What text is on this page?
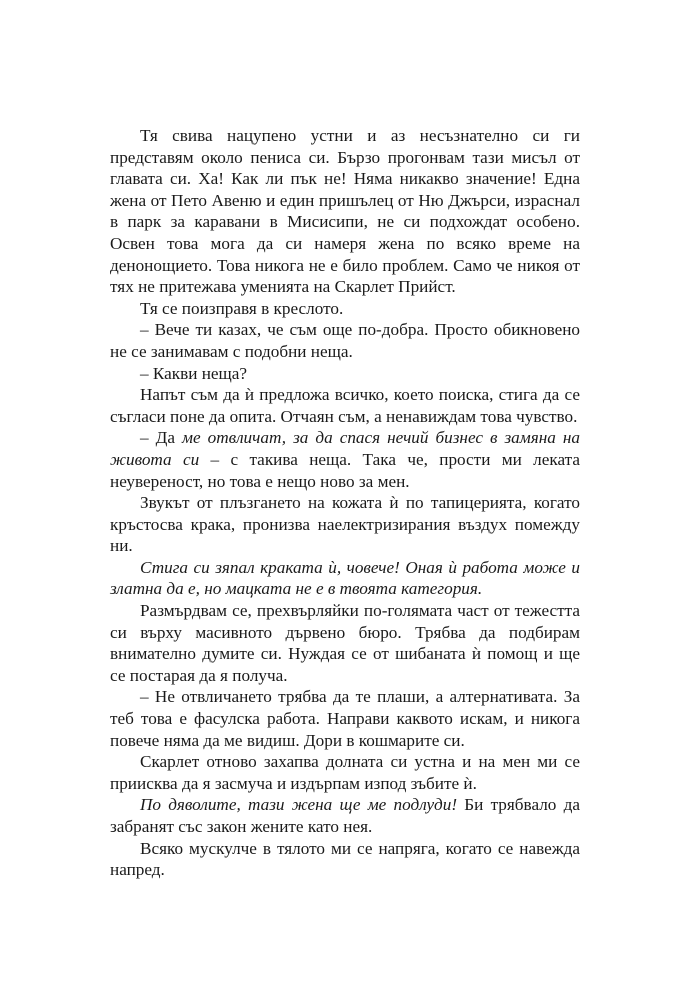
Тя свива нацупено устни и аз несъзнателно си ги представям около пениса си. Бързо прогонвам тази мисъл от главата си. Ха! Как ли пък не! Няма никакво значение! Една жена от Пето Авеню и един пришълец от Ню Джърси, израснал в парк за каравани в Мисисипи, не си подхождат особено. Освен това мога да си намеря жена по всяко време на денонощието. Това никога не е било проблем. Само че никоя от тях не притежава уменията на Скарлет Прийст.

Тя се поизправя в креслото.

– Вече ти казах, че съм още по-добра. Просто обикновено не се занимавам с подобни неща.

– Какви неща?

Напът съм да ѝ предложа всичко, което поиска, стига да се съгласи поне да опита. Отчаян съм, а ненавиждам това чувство.

– Да ме отвличат, за да спася нечий бизнес в замяна на живота си – с такива неща. Така че, прости ми леката неувереност, но това е нещо ново за мен.

Звукът от плъзгането на кожата ѝ по тапицерията, когато кръстосва крака, пронизва наелектризирания въздух помежду ни.

Стига си зяпал краката ѝ, човече! Оная ѝ работа може и златна да е, но мацката не е в твоята категория.

Размърдвам се, прехвърляйки по-голямата част от тежестта си върху масивното дървено бюро. Трябва да подбирам внимателно думите си. Нуждая се от шибаната ѝ помощ и ще се постарая да я получа.

– Не отвличането трябва да те плаши, а алтернативата. За теб това е фасулска работа. Направи каквото искам, и никога повече няма да ме видиш. Дори в кошмарите си.

Скарлет отново захапва долната си устна и на мен ми се приисква да я засмуча и издърпам изпод зъбите ѝ.

По дяволите, тази жена ще ме подлуди! Би трябвало да забранят със закон жените като нея.

Всяко мускулче в тялото ми се напряга, когато се навежда напред.
